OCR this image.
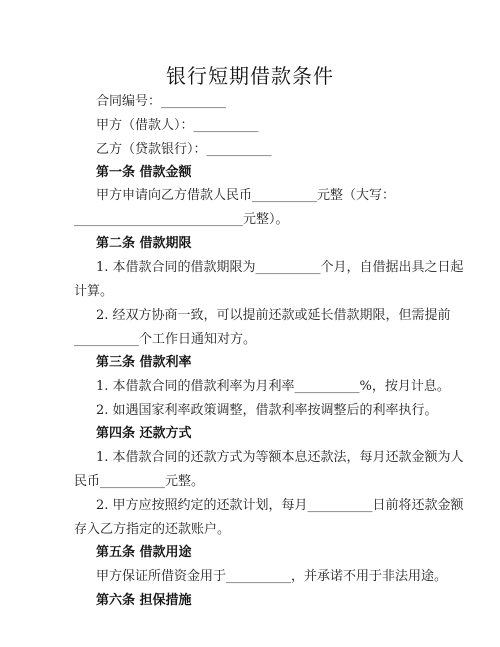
银行短期借款条件
合同编号：__________
甲方（借款人）：__________
乙方（贷款银行）：__________
第一条 借款金额
甲方申请向乙方借款人民币__________元整（大写：
__________________________元整）。
第二条 借款期限
1. 本借款合同的借款期限为__________个月，自借据出具之日起
计算。
2. 经双方协商一致，可以提前还款或延长借款期限，但需提前
__________个工作日通知对方。
第三条 借款利率
1. 本借款合同的借款利率为月利率__________%，按月计息。
2. 如遇国家利率政策调整，借款利率按调整后的利率执行。
第四条 还款方式
1. 本借款合同的还款方式为等额本息还款法，每月还款金额为人
民币__________元整。
2. 甲方应按照约定的还款计划，每月__________日前将还款金额
存入乙方指定的还款账户。
第五条 借款用途
甲方保证所借资金用于__________，并承诺不用于非法用途。
第六条 担保措施
